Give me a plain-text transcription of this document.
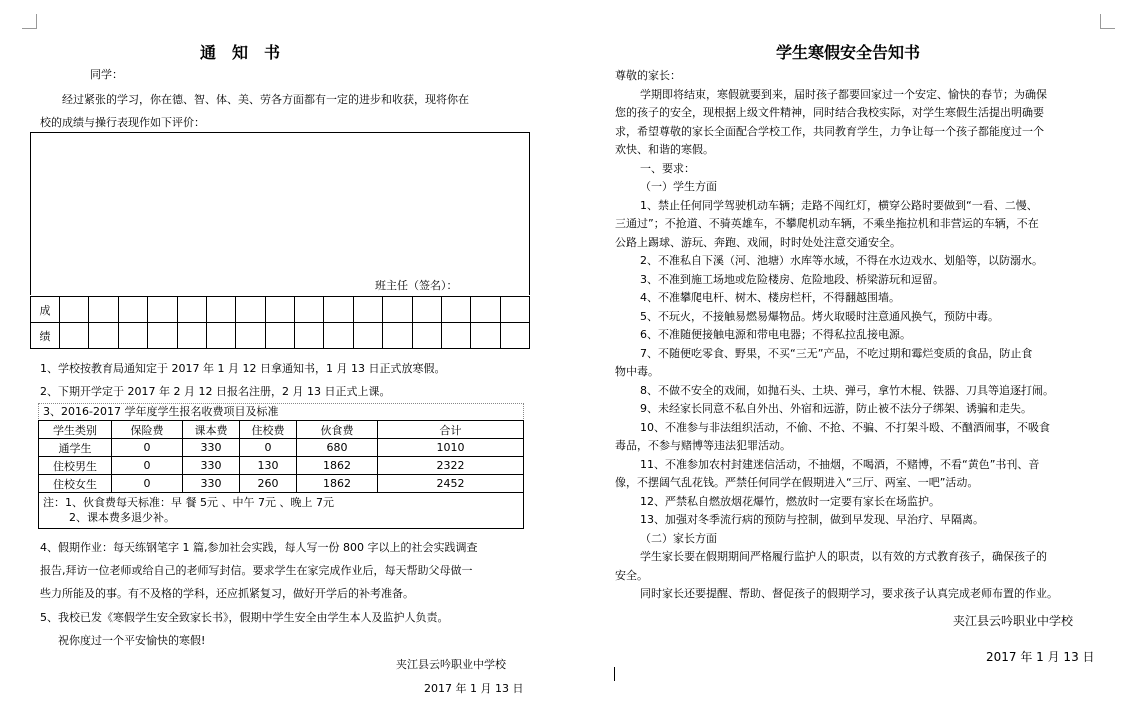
通　知　书
同学：
经过紧张的学习，你在德、智、体、美、劳各方面都有一定的进步和收获，现将你在
校的成绩与操行表现作如下评价：
班主任（签名）：
成																
绩																
1、学校按教育局通知定于 2017 年 1 月 12 日拿通知书，1 月 13 日正式放寒假。
2、下期开学定于 2017 年 2 月 12 日报名注册，2 月 13 日正式上课。
3、2016-2017 学年度学生报名收费项目及标准
学生类别	保险费	课本费	住校费	伙食费	合计
通学生	0	330	0	680	1010
住校男生	0	330	130	1862	2322
住校女生	0	330	260	1862	2452

注：1、伙食费每天标准：早 餐 5元 、中午 7元 、晚上 7元
2、课本费多退少补。					
4、假期作业：每天练钢笔字 1 篇,参加社会实践，每人写一份 800 字以上的社会实践调查
报告,拜访一位老师或给自己的老师写封信。要求学生在家完成作业后，每天帮助父母做一
些力所能及的事。有不及格的学科，还应抓紧复习，做好开学后的补考准备。
5、我校已发《寒假学生安全致家长书》，假期中学生安全由学生本人及监护人负责。
祝你度过一个平安愉快的寒假!
夹江县云吟职业中学校
2017 年 1 月 13 日
学生寒假安全告知书
尊敬的家长：
学期即将结束，寒假就要到来，届时孩子都要回家过一个安定、愉快的春节；为确保
您的孩子的安全，现根据上级文件精神，同时结合我校实际，对学生寒假生活提出明确要
求，希望尊敬的家长全面配合学校工作，共同教育学生，力争让每一个孩子都能度过一个
欢快、和谐的寒假。
一、要求：
（一）学生方面
1、禁止任何同学驾驶机动车辆；走路不闯红灯，横穿公路时要做到“一看、二慢、
三通过”；不抢道、不骑英雄车，不攀爬机动车辆，不乘坐拖拉机和非营运的车辆，不在
公路上踢球、游玩、奔跑、戏闹，时时处处注意交通安全。
2、不准私自下溪（河、池塘）水库等水域，不得在水边戏水、划船等，以防溺水。
3、不准到施工场地或危险楼房、危险地段、桥梁游玩和逗留。
4、不准攀爬电杆、树木、楼房栏杆，不得翻越围墙。
5、不玩火，不接触易燃易爆物品。烤火取暖时注意通风换气，预防中毒。
6、不准随便接触电源和带电电器；不得私拉乱接电源。
7、不随便吃零食、野果，不买“三无”产品，不吃过期和霉烂变质的食品，防止食
物中毒。
8、不做不安全的戏闹，如抛石头、土块、弹弓，拿竹木棍、铁器、刀具等追逐打闹。
9、未经家长同意不私自外出、外宿和远游，防止被不法分子绑架、诱骗和走失。
10、不准参与非法组织活动，不偷、不抢、不骗、不打架斗殴、不酗酒闹事，不吸食
毒品，不参与赌博等违法犯罪活动。
11、不准参加农村封建迷信活动，不抽烟，不喝酒，不赌博，不看“黄色”书刊、音
像，不摆阔气乱花钱。严禁任何同学在假期进入“三厅、两室、一吧”活动。
12、严禁私自燃放烟花爆竹，燃放时一定要有家长在场监护。
13、加强对冬季流行病的预防与控制，做到早发现、早治疗、早隔离。
（二）家长方面
学生家长要在假期期间严格履行监护人的职责，以有效的方式教育孩子，确保孩子的
安全。
同时家长还要提醒、帮助、督促孩子的假期学习，要求孩子认真完成老师布置的作业。
夹江县云吟职业中学校
2017 年 1 月 13 日
